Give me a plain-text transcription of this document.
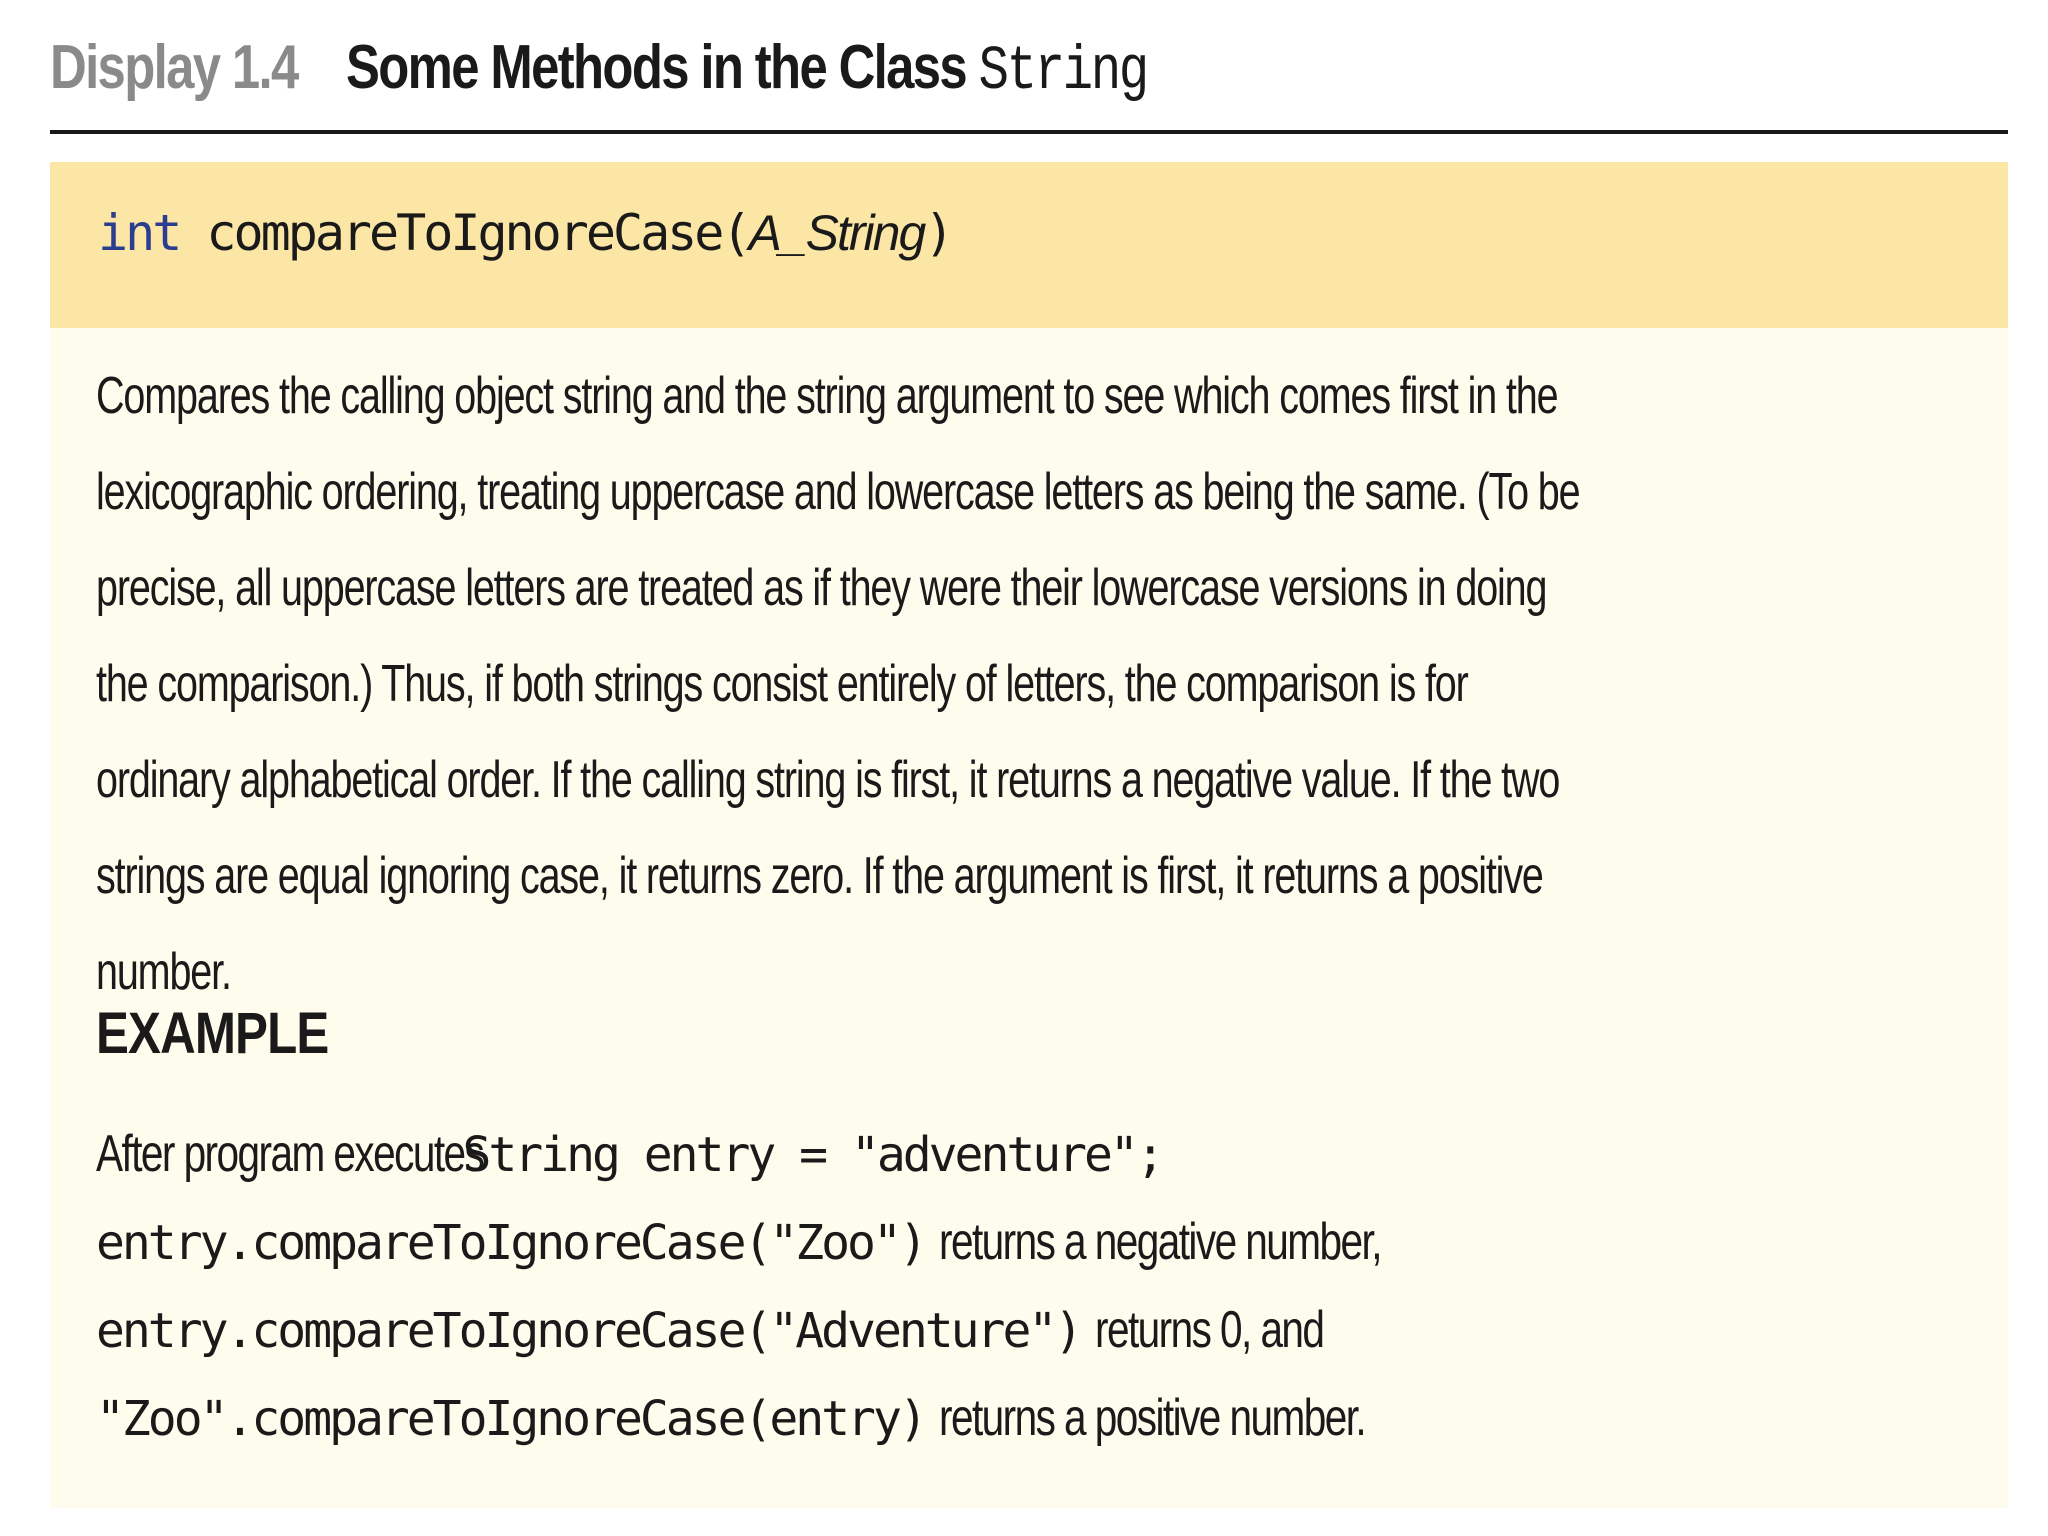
Display 1.4 Some Methods in the Class String
int compareToIgnoreCase(A_String)
Compares the calling object string and the string argument to see which comes first in the lexicographic ordering, treating uppercase and lowercase letters as being the same. (To be precise, all uppercase letters are treated as if they were their lowercase versions in doing the comparison.) Thus, if both strings consist entirely of letters, the comparison is for ordinary alphabetical order. If the calling string is first, it returns a negative value. If the two strings are equal ignoring case, it returns zero. If the argument is first, it returns a positive number.
EXAMPLE
After program executesString entry = "adventure";
entry.compareToIgnoreCase("Zoo") returns a negative number,
entry.compareToIgnoreCase("Adventure") returns 0, and
"Zoo".compareToIgnoreCase(entry) returns a positive number.
